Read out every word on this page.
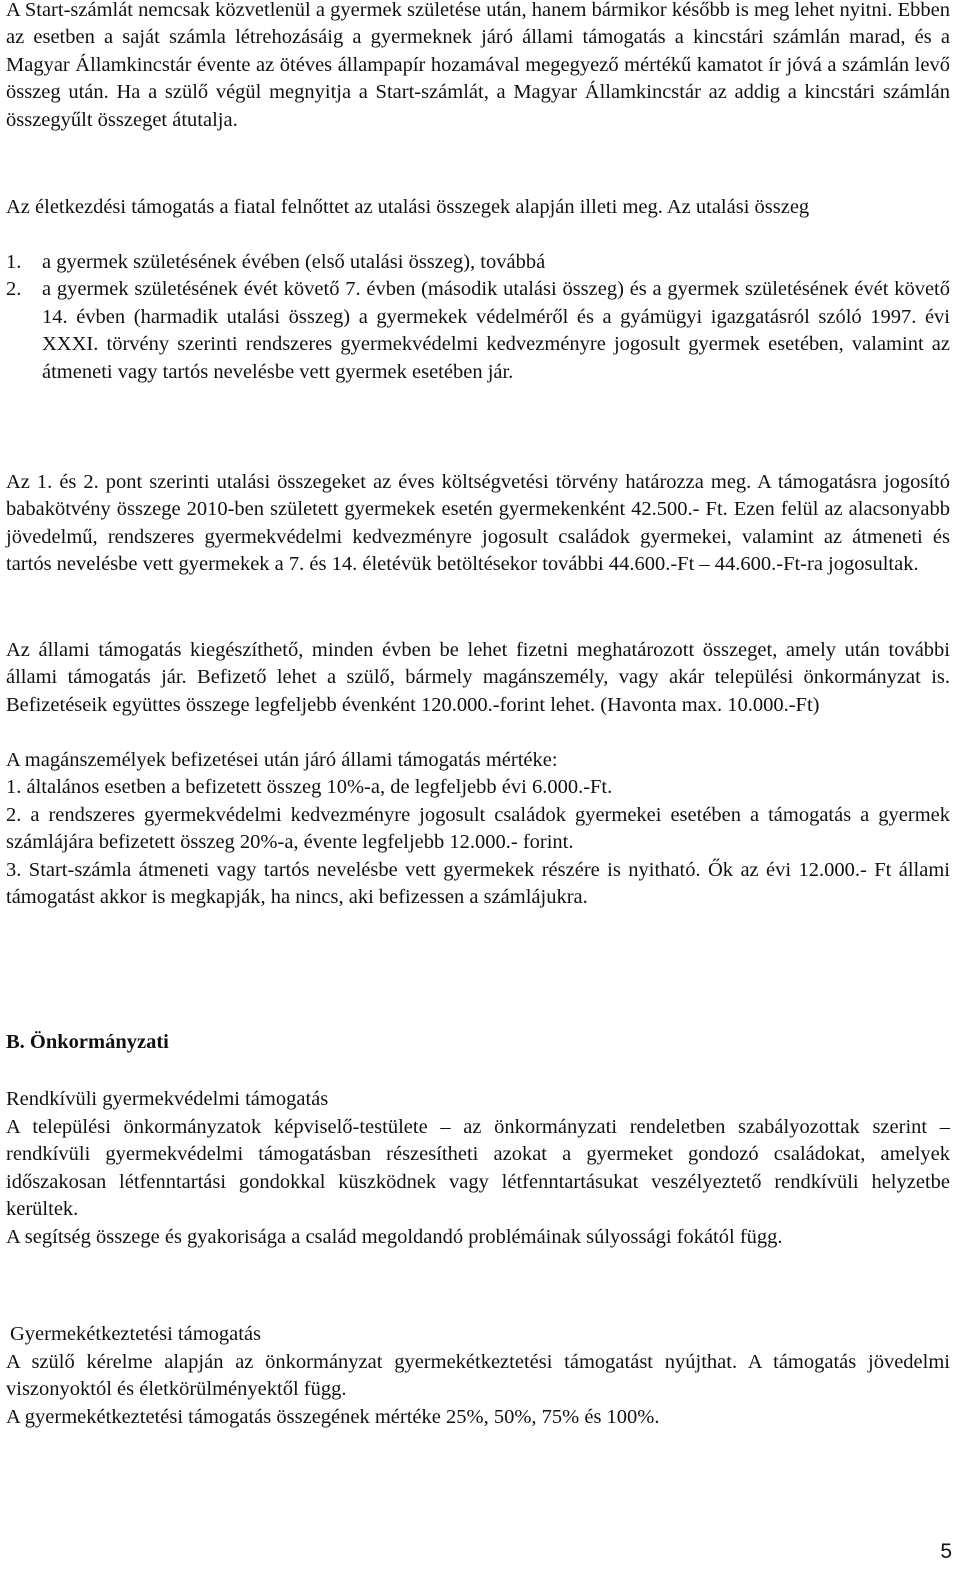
A Start-számlát nemcsak közvetlenül a gyermek születése után, hanem bármikor később is meg lehet nyitni. Ebben az esetben a saját számla létrehozásáig a gyermeknek járó állami támogatás a kincstári számlán marad, és a Magyar Államkincstár évente az ötéves állampapír hozamával megegyező mértékű kamatot ír jóvá a számlán levő összeg után. Ha a szülő végül megnyitja a Start-számlát, a Magyar Államkincstár az addig a kincstári számlán összegyűlt összeget átutalja.

Az életkezdési támogatás a fiatal felnőttet az utalási összegek alapján illeti meg. Az utalási összeg

1.	a gyermek születésének évében (első utalási összeg), továbbá
2.	a gyermek születésének évét követő 7. évben (második utalási összeg) és a gyermek születésének évét követő 14. évben (harmadik utalási összeg) a gyermekek védelméről és a gyámügyi igazgatásról szóló 1997. évi XXXI. törvény szerinti rendszeres gyermekvédelmi kedvezményre jogosult gyermek esetében, valamint az átmeneti vagy tartós nevelésbe vett gyermek esetében jár.

Az 1. és 2. pont szerinti utalási összegeket az éves költségvetési törvény határozza meg. A támogatásra jogosító babakötvény összege 2010-ben született gyermekek esetén gyermekenként 42.500.- Ft. Ezen felül az alacsonyabb jövedelmű, rendszeres gyermekvédelmi kedvezményre jogosult családok gyermekei, valamint az átmeneti és tartós nevelésbe vett gyermekek a 7. és 14. életévük betöltésekor további 44.600.-Ft – 44.600.-Ft-ra jogosultak.

Az állami támogatás kiegészíthető, minden évben be lehet fizetni meghatározott összeget, amely után további állami támogatás jár. Befizető lehet a szülő, bármely magánszemély, vagy akár települési önkormányzat is. Befizetéseik együttes összege legfeljebb évenként 120.000.-forint lehet. (Havonta max. 10.000.-Ft)

A magánszemélyek befizetései után járó állami támogatás mértéke:

1. általános esetben a befizetett összeg 10%-a, de legfeljebb évi 6.000.-Ft.

2. a rendszeres gyermekvédelmi kedvezményre jogosult családok gyermekei esetében a támogatás a gyermek számlájára befizetett összeg 20%-a, évente legfeljebb 12.000.- forint.

3. Start-számla átmeneti vagy tartós nevelésbe vett gyermekek részére is nyitható. Ők az évi 12.000.- Ft állami támogatást akkor is megkapják, ha nincs, aki befizessen a számlájukra.

B. Önkormányzati

Rendkívüli gyermekvédelmi támogatás

A települési önkormányzatok képviselő-testülete – az önkormányzati rendeletben szabályozottak szerint – rendkívüli gyermekvédelmi támogatásban részesítheti azokat a gyermeket gondozó családokat, amelyek időszakosan létfenntartási gondokkal küszködnek vagy létfenntartásukat veszélyeztető rendkívüli helyzetbe kerültek.

A segítség összege és gyakorisága a család megoldandó problémáinak súlyossági fokától függ.

Gyermekétkeztetési támogatás

A szülő kérelme alapján az önkormányzat gyermekétkeztetési támogatást nyújthat. A támogatás jövedelmi viszonyoktól és életkörülményektől függ.

A gyermekétkeztetési támogatás összegének mértéke 25%, 50%, 75% és 100%.

5
